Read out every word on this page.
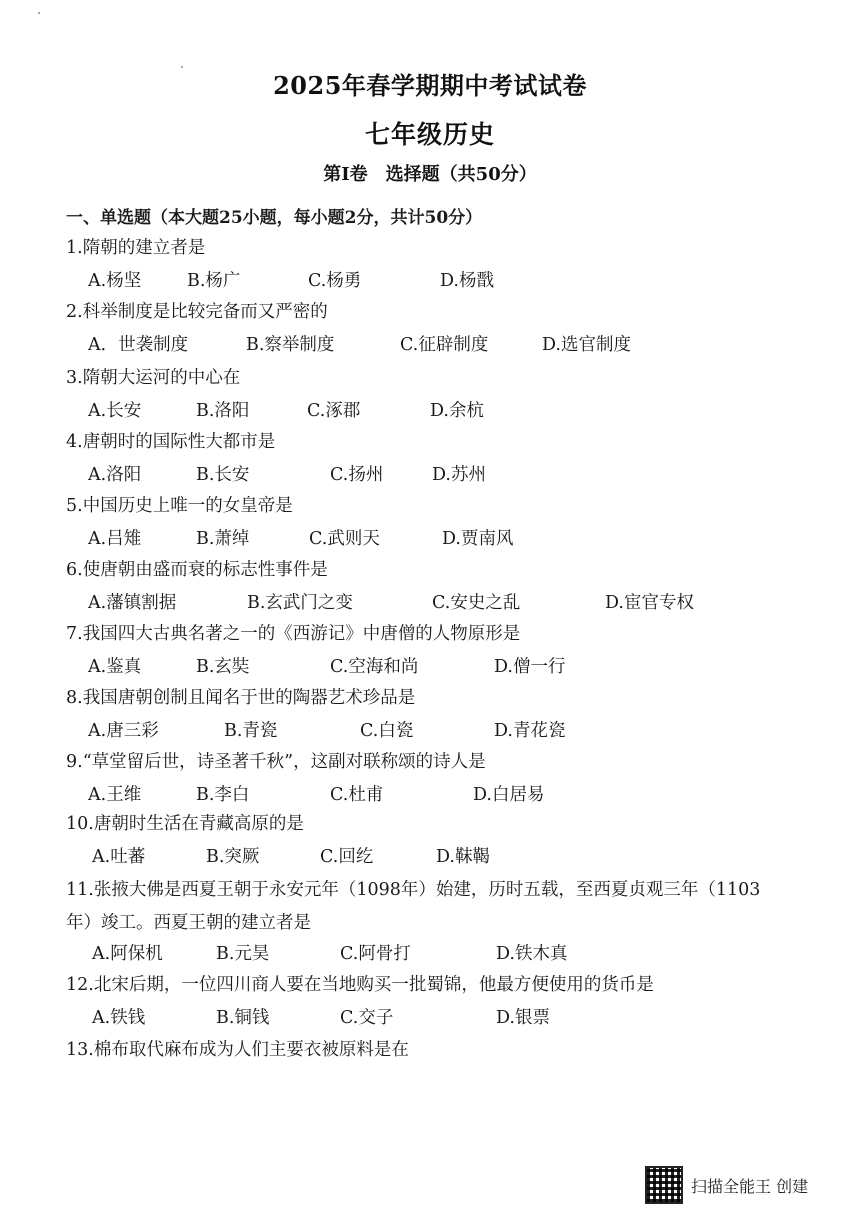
2025年春学期期中考试试卷
七年级历史
第Ⅰ卷　选择题（共50分）
一、单选题（本大题25小题，每小题2分，共计50分）
1.隋朝的建立者是
A.杨坚	B.杨广	C.杨勇	D.杨戬
2.科举制度是比较完备而又严密的
A．世袭制度	B.察举制度	C.征辟制度	D.选官制度
3.隋朝大运河的中心在
A.长安	B.洛阳	C.涿郡	D.余杭
4.唐朝时的国际性大都市是
A.洛阳	B.长安	C.扬州	D.苏州
5.中国历史上唯一的女皇帝是
A.吕雉	B.萧绰	C.武则天	D.贾南风
6.使唐朝由盛而衰的标志性事件是
A.藩镇割据	B.玄武门之变	C.安史之乱	D.宦官专权
7.我国四大古典名著之一的《西游记》中唐僧的人物原形是
A.鉴真	B.玄奘	C.空海和尚	D.僧一行
8.我国唐朝创制且闻名于世的陶器艺术珍品是
A.唐三彩	B.青瓷	C.白瓷	D.青花瓷
9.“草堂留后世，诗圣著千秋”，这副对联称颂的诗人是
A.王维	B.李白	C.杜甫	D.白居易
10.唐朝时生活在青藏高原的是
A.吐蕃	B.突厥	C.回纥	D.靺鞨
11.张掖大佛是西夏王朝于永安元年（1098年）始建，历时五载，至西夏贞观三年（1103年）竣工。西夏王朝的建立者是
A.阿保机	B.元昊	C.阿骨打	D.铁木真
12.北宋后期，一位四川商人要在当地购买一批蜀锦，他最方便使用的货币是
A.铁钱	B.铜钱	C.交子	D.银票
13.棉布取代麻布成为人们主要衣被原料是在
扫描全能王 创建
